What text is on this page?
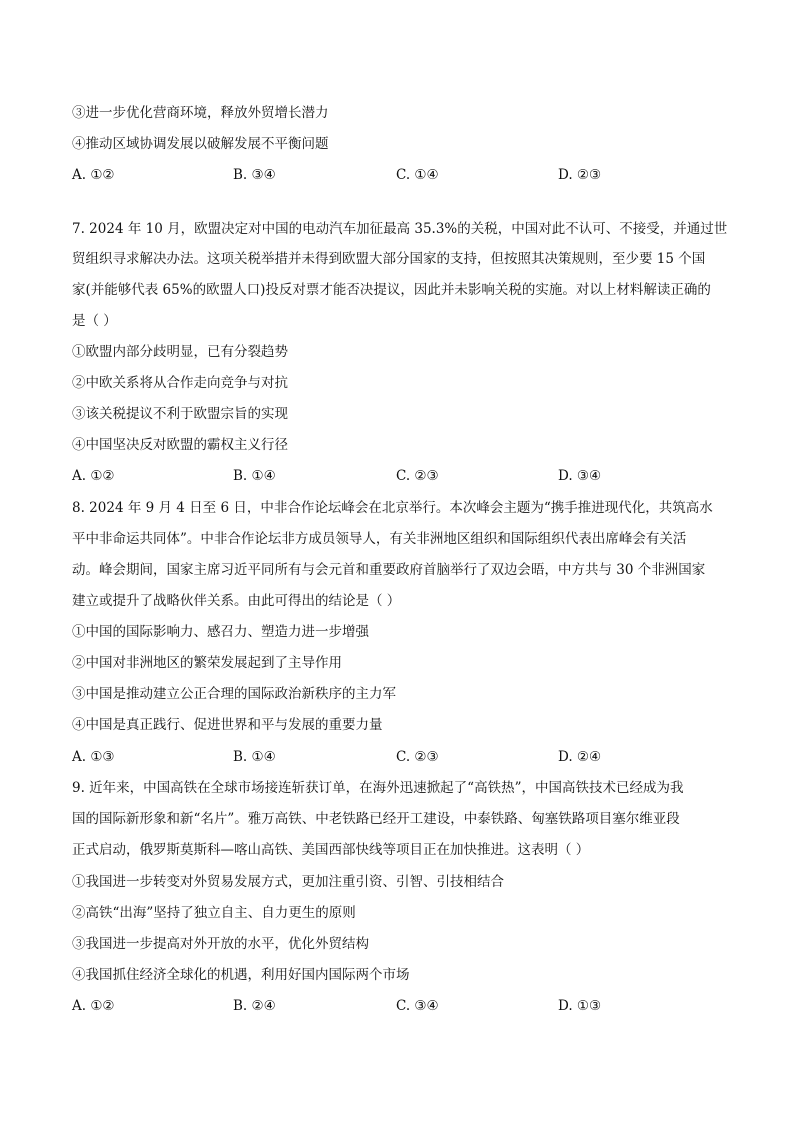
③进一步优化营商环境，释放外贸增长潜力
④推动区域协调发展以破解发展不平衡问题
A. ①②	B. ③④	C. ①④	D. ②③
7. 2024 年 10 月，欧盟决定对中国的电动汽车加征最高 35.3%的关税，中国对此不认可、不接受，并通过世
贸组织寻求解决办法。这项关税举措并未得到欧盟大部分国家的支持，但按照其决策规则，至少要 15 个国
家(并能够代表 65%的欧盟人口)投反对票才能否决提议，因此并未影响关税的实施。对以上材料解读正确的
是（ ）
①欧盟内部分歧明显，已有分裂趋势
②中欧关系将从合作走向竞争与对抗
③该关税提议不利于欧盟宗旨的实现
④中国坚决反对欧盟的霸权主义行径
A. ①②	B. ①④	C. ②③	D. ③④
8. 2024 年 9 月 4 日至 6 日，中非合作论坛峰会在北京举行。本次峰会主题为“携手推进现代化，共筑高水
平中非命运共同体”。中非合作论坛非方成员领导人，有关非洲地区组织和国际组织代表出席峰会有关活
动。峰会期间，国家主席习近平同所有与会元首和重要政府首脑举行了双边会晤，中方共与 30 个非洲国家
建立或提升了战略伙伴关系。由此可得出的结论是（ ）
①中国的国际影响力、感召力、塑造力进一步增强
②中国对非洲地区的繁荣发展起到了主导作用
③中国是推动建立公正合理的国际政治新秩序的主力军
④中国是真正践行、促进世界和平与发展的重要力量
A. ①③	B. ①④	C. ②③	D. ②④
9. 近年来，中国高铁在全球市场接连斩获订单，在海外迅速掀起了“高铁热”，中国高铁技术已经成为我
国的国际新形象和新“名片”。雅万高铁、中老铁路已经开工建设，中泰铁路、匈塞铁路项目塞尔维亚段
正式启动，俄罗斯莫斯科—喀山高铁、美国西部快线等项目正在加快推进。这表明（ ）
①我国进一步转变对外贸易发展方式，更加注重引资、引智、引技相结合
②高铁“出海”坚持了独立自主、自力更生的原则
③我国进一步提高对外开放的水平，优化外贸结构
④我国抓住经济全球化的机遇，利用好国内国际两个市场
A. ①②	B. ②④	C. ③④	D. ①③
